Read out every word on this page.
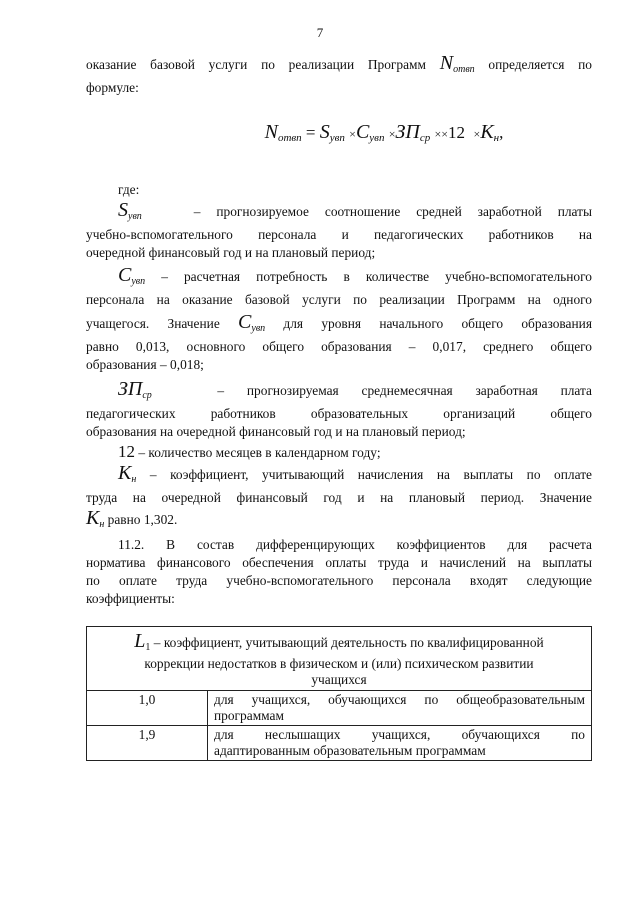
7
оказание базовой услуги по реализации Программ $N_{отвп}$ определяется по
формуле:
$N_{отвп} = S_{увп} \times C_{увп} \times ЗП_{ср} \times\times 12 \times K_н$,
где:
$S_{увп}$	– прогнозируемое соотношение средней заработной платы
учебно-вспомогательного персонала и педагогических работников на
очередной финансовый год и на плановый период;
$C_{увп}$ – расчетная потребность в количестве учебно-вспомогательного
персонала на оказание базовой услуги по реализации Программ на одного
учащегося. Значение $C_{увп}$ для уровня начального общего образования
равно 0,013, основного общего образования – 0,017, среднего общего
образования – 0,018;
$ЗП_{ср}$	– прогнозируемая среднемесячная заработная плата
педагогических работников образовательных организаций общего
образования на очередной финансовый год и на плановый период;
12 – количество месяцев в календарном году;
$K_н$ – коэффициент, учитывающий начисления на выплаты по оплате
труда на очередной финансовый год и на плановый период. Значение
$K_н$ равно 1,302.
11.2. В состав дифференцирующих коэффициентов для расчета
норматива финансового обеспечения оплаты труда и начислений на выплаты
по оплате труда учебно-вспомогательного персонала входят следующие
коэффициенты:
$L_1$ – коэффициент, учитывающий деятельность по квалифицированной
коррекции недостатков в физическом и (или) психическом развитии
учащихся	

1,0	для учащихся, обучающихся по общеобразовательным
программам

1,9	для неслышащих учащихся, обучающихся по
адаптированным образовательным программам
